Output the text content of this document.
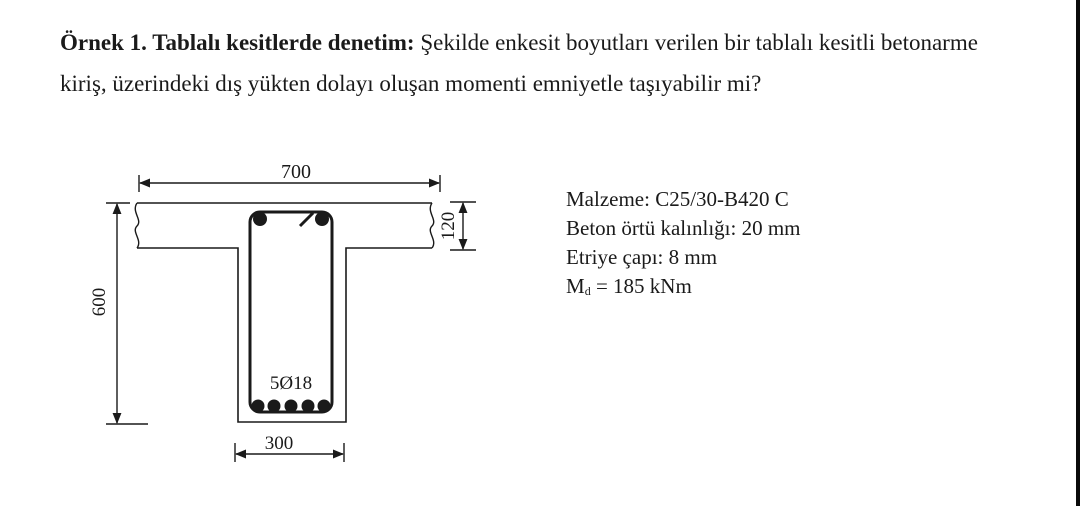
Örnek 1. Tablalı kesitlerde denetim: Şekilde enkesit boyutları verilen bir tablalı kesitli betonarme kiriş, üzerindeki dış yükten dolayı oluşan momenti emniyetle taşıyabilir mi?

5Ø18
700
600
120
300
Malzeme: C25/30-B420 C
Beton örtü kalınlığı: 20 mm
Etriye çapı: 8 mm
$M_d = 185$ kNm
